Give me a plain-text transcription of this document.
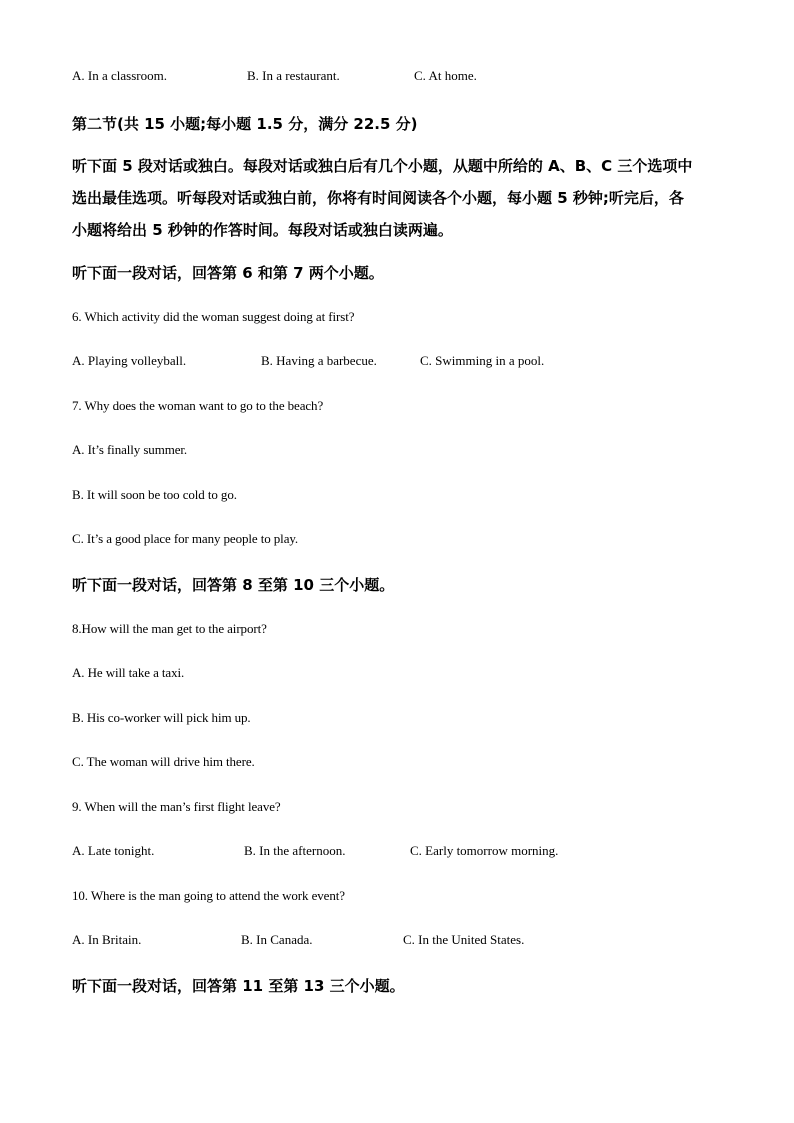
A. In a classroom.	B. In a restaurant.	C. At home.
第二节(共 15 小题;每小题 1.5 分，满分 22.5 分)
听下面 5 段对话或独白。每段对话或独白后有几个小题，从题中所给的 A、B、C 三个选项中
选出最佳选项。听每段对话或独白前，你将有时间阅读各个小题，每小题 5 秒钟;听完后，各
小题将给出 5 秒钟的作答时间。每段对话或独白读两遍。
听下面一段对话，回答第 6 和第 7 两个小题。
6. Which activity did the woman suggest doing at first?
A. Playing volleyball.	B. Having a barbecue.	C. Swimming in a pool.
7. Why does the woman want to go to the beach?
A. It’s finally summer.
B. It will soon be too cold to go.
C. It’s a good place for many people to play.
听下面一段对话，回答第 8 至第 10 三个小题。
8.How will the man get to the airport?
A. He will take a taxi.
B. His co-worker will pick him up.
C. The woman will drive him there.
9. When will the man’s first flight leave?
A. Late tonight.	B. In the afternoon.	C. Early tomorrow morning.
10. Where is the man going to attend the work event?
A. In Britain.	B. In Canada.	C. In the United States.
听下面一段对话，回答第 11 至第 13 三个小题。
